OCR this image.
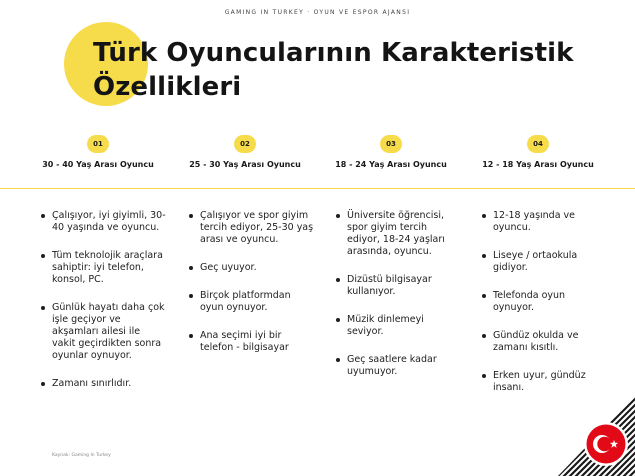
GAMING IN TURKEY · OYUN VE ESPOR AJANSI
Türk Oyuncularının Karakteristik
Özellikleri
01
30 - 40 Yaş Arası Oyuncu
02
25 - 30 Yaş Arası Oyuncu
03
18 - 24 Yaş Arası Oyuncu
04
12 - 18 Yaş Arası Oyuncu
Çalışıyor, iyi giyimli, 30-40 yaşında ve oyuncu.
Tüm teknolojik araçlara sahiptir: iyi telefon, konsol, PC.
Günlük hayatı daha çok işle geçiyor ve akşamları ailesi ile vakit geçirdikten sonra oyunlar oynuyor.
Zamanı sınırlıdır.
Çalışıyor ve spor giyim tercih ediyor, 25-30 yaş arası ve oyuncu.
Geç uyuyor.
Birçok platformdan oyun oynuyor.
Ana seçimi iyi bir telefon - bilgisayar
Üniversite öğrencisi, spor giyim tercih ediyor, 18-24 yaşları arasında, oyuncu.
Dizüstü bilgisayar kullanıyor.
Müzik dinlemeyi seviyor.
Geç saatlere kadar uyumuyor.
12-18 yaşında ve oyuncu.
Liseye / ortaokula gidiyor.
Telefonda oyun oynuyor.
Gündüz okulda ve zamanı kısıtlı.
Erken uyur, gündüz insanı.
Kaynak: Gaming In Turkey
